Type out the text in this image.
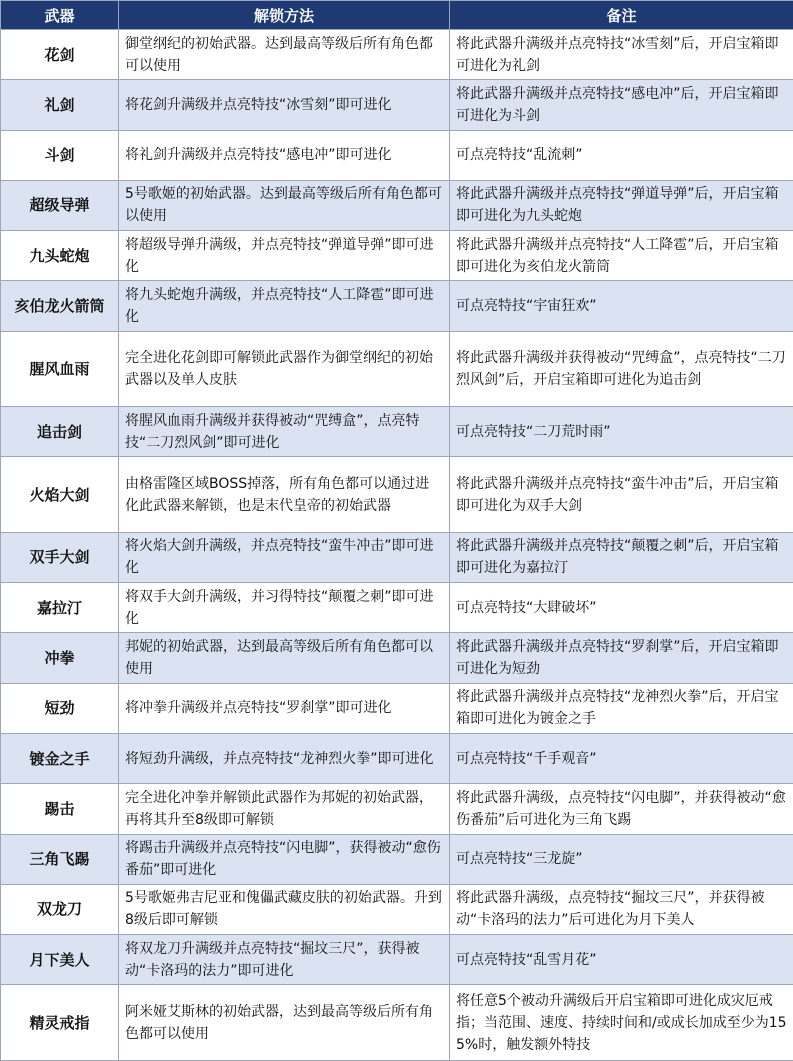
武器	解锁方法	备注
花剑	御堂纲纪的初始武器。达到最高等级后所有角色都可以使用	将此武器升满级并点亮特技“冰雪刻”后，开启宝箱即可进化为礼剑
礼剑	将花剑升满级并点亮特技“冰雪刻”即可进化	将此武器升满级并点亮特技“感电冲”后，开启宝箱即可进化为斗剑
斗剑	将礼剑升满级并点亮特技“感电冲”即可进化	可点亮特技“乱流刺”
超级导弹	5号歌姬的初始武器。达到最高等级后所有角色都可以使用	将此武器升满级并点亮特技“弹道导弹”后，开启宝箱即可进化为九头蛇炮
九头蛇炮	将超级导弹升满级，并点亮特技“弹道导弹”即可进化	将此武器升满级并点亮特技“人工降雹”后，开启宝箱即可进化为亥伯龙火箭筒
亥伯龙火箭筒	将九头蛇炮升满级，并点亮特技“人工降雹”即可进化	可点亮特技“宇宙狂欢”
腥风血雨	完全进化花剑即可解锁此武器作为御堂纲纪的初始武器以及单人皮肤	将此武器升满级并获得被动“咒缚盒”，点亮特技“二刀烈风剑”后，开启宝箱即可进化为追击剑
追击剑	将腥风血雨升满级并获得被动“咒缚盒”，点亮特技“二刀烈风剑”即可进化	可点亮特技“二刀荒时雨”
火焰大剑	由格雷隆区域BOSS掉落，所有角色都可以通过进化此武器来解锁，也是末代皇帝的初始武器	将此武器升满级并点亮特技“蛮牛冲击”后，开启宝箱即可进化为双手大剑
双手大剑	将火焰大剑升满级，并点亮特技“蛮牛冲击”即可进化	将此武器升满级并点亮特技“颠覆之刺”后，开启宝箱即可进化为嘉拉汀
嘉拉汀	将双手大剑升满级，并习得特技“颠覆之刺”即可进化	可点亮特技“大肆破坏”
冲拳	邦妮的初始武器，达到最高等级后所有角色都可以使用	将此武器升满级并点亮特技“罗刹掌”后，开启宝箱即可进化为短劲
短劲	将冲拳升满级并点亮特技“罗刹掌”即可进化	将此武器升满级并点亮特技“龙神烈火拳”后，开启宝箱即可进化为镀金之手
镀金之手	将短劲升满级，并点亮特技“龙神烈火拳”即可进化	可点亮特技“千手观音”
踢击	完全进化冲拳并解锁此武器作为邦妮的初始武器，再将其升至8级即可解锁	将此武器升满级，点亮特技“闪电脚”，并获得被动“愈伤番茄”后可进化为三角飞踢
三角飞踢	将踢击升满级并点亮特技“闪电脚”，获得被动“愈伤番茄”即可进化	可点亮特技“三龙旋”
双龙刀	5号歌姬弗吉尼亚和傀儡武藏皮肤的初始武器。升到8级后即可解锁	将此武器升满级，点亮特技“掘坟三尺”，并获得被动“卡洛玛的法力”后可进化为月下美人
月下美人	将双龙刀升满级并点亮特技“掘坟三尺”，获得被动“卡洛玛的法力”即可进化	可点亮特技“乱雪月花”
精灵戒指	阿米娅艾斯林的初始武器，达到最高等级后所有角色都可以使用	将任意5个被动升满级后开启宝箱即可进化成灾厄戒指；当范围、速度、持续时间和/或成长加成至少为155%时，触发额外特技
